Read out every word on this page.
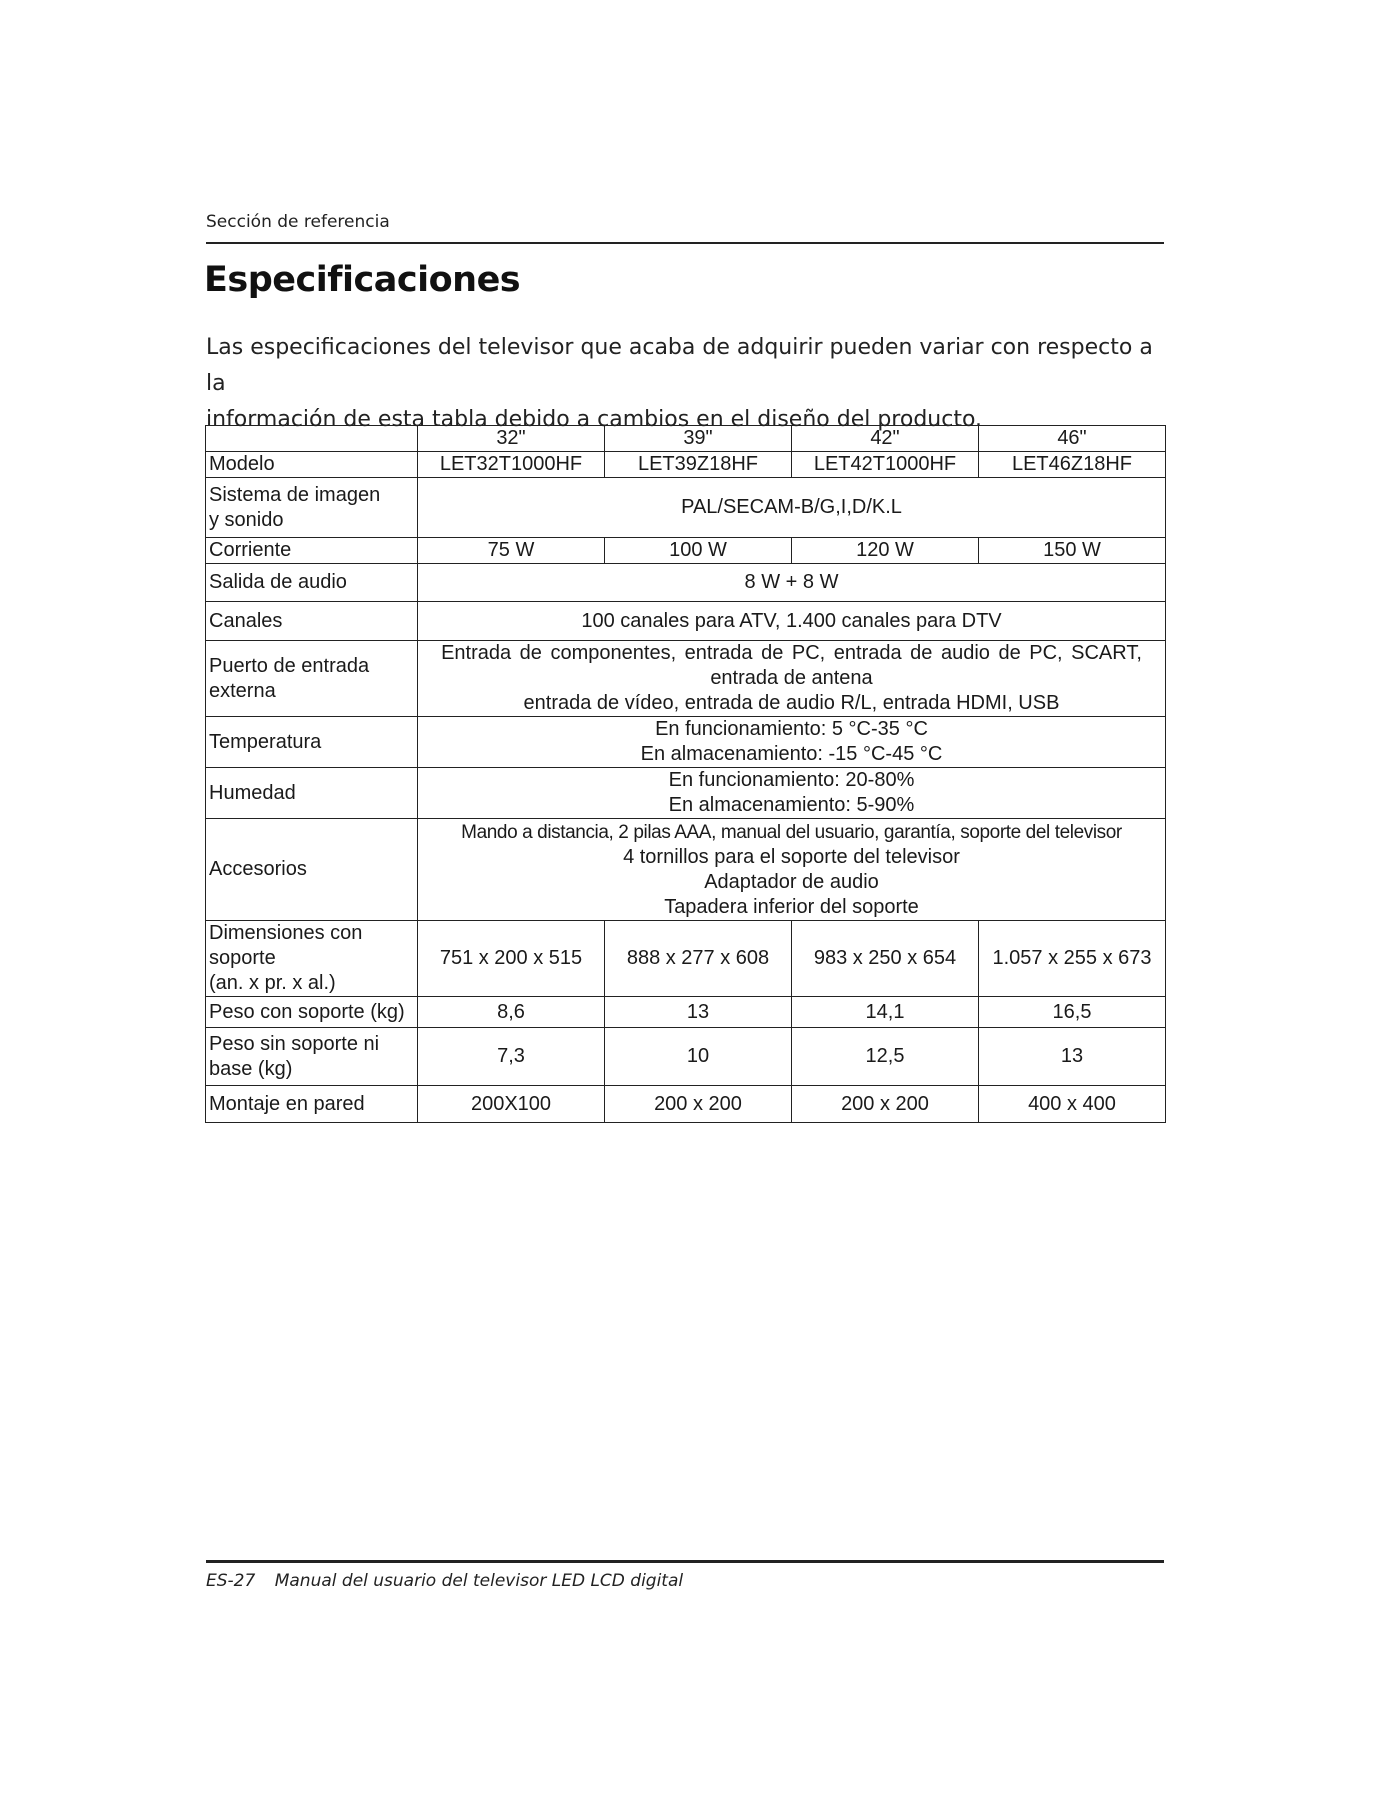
Sección de referencia
Especificaciones

Las especificaciones del televisor que acaba de adquirir pueden variar con respecto a la
información de esta tabla debido a cambios en el diseño del producto.

	32"	39"	42"	46"
Modelo	LET32T1000HF	LET39Z18HF	LET42T1000HF	LET46Z18HF

Sistema de imagen
y sonido	PAL/SECAM-B/G,I,D/K.L			
Corriente	75 W	100 W	120 W	150 W
Salida de audio	8 W + 8 W			
Canales	100 canales para ATV, 1.400 canales para DTV			

Puerto de entrada
externa	Entrada de componentes, entrada de PC, entrada de audio de PC, SCART,
entrada de antena
entrada de vídeo, entrada de audio R/L, entrada HDMI, USB			

Temperatura	En funcionamiento: 5 °C-35 °C
En almacenamiento: -15 °C-45 °C			

Humedad	En funcionamiento: 20-80%
En almacenamiento: 5-90%			

Accesorios	Mando a distancia, 2 pilas AAA, manual del usuario, garantía, soporte del televisor
4 tornillos para el soporte del televisor
Adaptador de audio
Tapadera inferior del soporte			

Dimensiones con
soporte
(an. x pr. x al.)	751 x 200 x 515	888 x 277 x 608	983 x 250 x 654	1.057 x 255 x 673
Peso con soporte (kg)	8,6	13	14,1	16,5

Peso sin soporte ni
base (kg)	7,3	10	12,5	13
Montaje en pared	200X100	200 x 200	200 x 200	400 x 400
ES-27 Manual del usuario del televisor LED LCD digital
